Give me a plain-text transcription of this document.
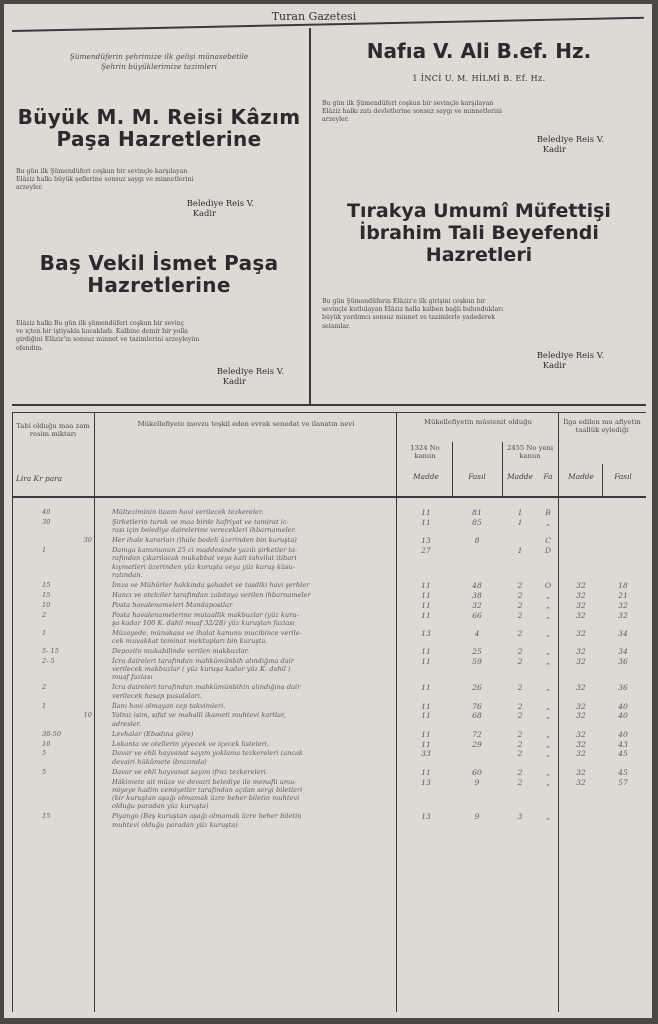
Turan Gazetesi
Şümendüferin şehrimize ilk gelişi münasebetile
Şehrin büyüklerimize tazimleri
Büyük M. M. Reisi Kâzım
Paşa Hazretlerine
Bu gün ilk Şümendüferi coşkun bir sevinçle karşılayan
Elâziz halkı büyük şeflerine sonsuz saygı ve minnetlerini
arzeyler.
Belediye Reis V.
Kadir
Baş Vekil İsmet Paşa
Hazretlerine
Elâziz halkı Bu gün ilk şümendüferi coşkun bir sevinç
ve içten bir iştiyakla kucakladı. Kalbine demir bir yolla
girdiğini Elâziz'in sonsuz minnet ve tazimlerini arzeyleyim
efendim.
Belediye Reis V.
Kadir
Nafıa V. Ali B.ef. Hz.
1 İNCİ U. M. HİLMİ B. Ef. Hz.
Bu gün ilk Şümendüferi coşkun bir sevinçle karşılayan
Elâziz halkı zatı devletlerine sonsuz saygı ve minnetlerini
arzeyler.
Belediye Reis V.
Kadir
Tırakya Umumî Müfettişi
İbrahim Tali Beyefendi
Hazretleri
Bu gün Şümendüferin Elâziz'e ilk girişini coşkun bir
sevinçle kutlulayan Elâziz halkı kalben bağlı bulundukları
büyük yardımcı sonsuz minnet ve tazimlerle yadederek
selamlar.
Belediye Reis V.
Kadir
Tabi olduğu maa zam resim miktarı
Lira Kr para
Mükellefiyete mevzu teşkil eden evrak senedat ve ilanatın nevi	Mükellefiyetin müstenit olduğu
1324 No kanun
2455 No yeni kanun
Madde	Fasıl	Madde	Fa
İlga edilen mu afiyetin taallûk eylediği
Madde	Fasıl
40	Mülteziminin itaam havi verilecek tezkereler.	11	81	1	B
30	Şirketlerin turuk ve maa birde hafriyat ve tamirat ic-
rası için belediye dairelerine verecekleri ihbarnameler.
11	85	1	„
30	Her ihale kararları (ihale bedeli üzerinden bin kuruşta)	13	8	C
1	Damga kanununun 25 ci maddesinde yazılı şirketler ta-
rafından çıkarılacak mukabbat veya kati tahvilat itibari
kıymetleri üzerinden yüz kuruşta veya yüz kuruş küsu-
ratından.
27	1	D
15	İmza ve Mühürler hakkında şahadet ve tasdiki havi şerhler	11	48	2	O	32	18
15	Hancı ve otelciler tarafından zabıtaya verilen ihbarnameler	11	38	2	„	32	21
10	Posta havalenameleri Mandapostlar	11	32	2	„	32	32
2	Posta havalenamelerine mutaallik makbuzlar (yüz kuru-
şa kadar 100 K. dahil muaf 32/28) yüz kuruştan fazlası
11	66	2	„	32	32
1	Müzayede, münakasa ve ihalat kanunu mucibince verile-
cek muvakkat teminat mektupları bin kuruşta.
13	4	2	„	32	34
5- 15	Depozito mukabilinde verilen makbuzlar.	11	25	2	„	32	34
2- 5	İcra daireleri tarafından mahkûmünbih alındığına dair
verilecek makbuzlar ( yüz kuruşa kadar yüz K. dahil )
muaf fazlası
11	59	2	„	32	36
2	İcra daireleri tarafından mahkûmünbihin alındığına dair
verilecek hesap pusulaları.
11	26	2	„	32	36
1	İlanı havi olmayan cep takvimleri.	11	76	2	„	32	40
10	Yalnız isim, sıfat ve mahalli ikameti muhtevi kartlar,
adresler.
11	68	2	„	32	40
30-50	Levhalar (Ebadına göre)	11	72	2	„	32	40
10	Lokanta ve otellerin yiyecek ve içecek listeleri.	11	29	2	„	32	43
5	Davar ve ehli hayvanat sayım yoklama tezkereleri (ancak
devairi hükûmete ibrazında)
33	2	„	32	45
5	Davar ve ehli hayvanat sayım ifraz tezkereleri.	11	60	2	„	32	45
Hâkimete ait müze ve devairi belediye ile menafii umu-
miyeye hadim cemiyetler tarafından açılan sergi biletleri
(bir kuruştan aşağı olmamak üzre beher biletin muhtevi
olduğu paradan yüz kuruşta)
13	9	2	„	32	57
15	Piyango (Beş kuruştan aşağı olmamak üzre beher biletin
muhtevi olduğu paradan yüz kuruşta)
13	9	3	„
